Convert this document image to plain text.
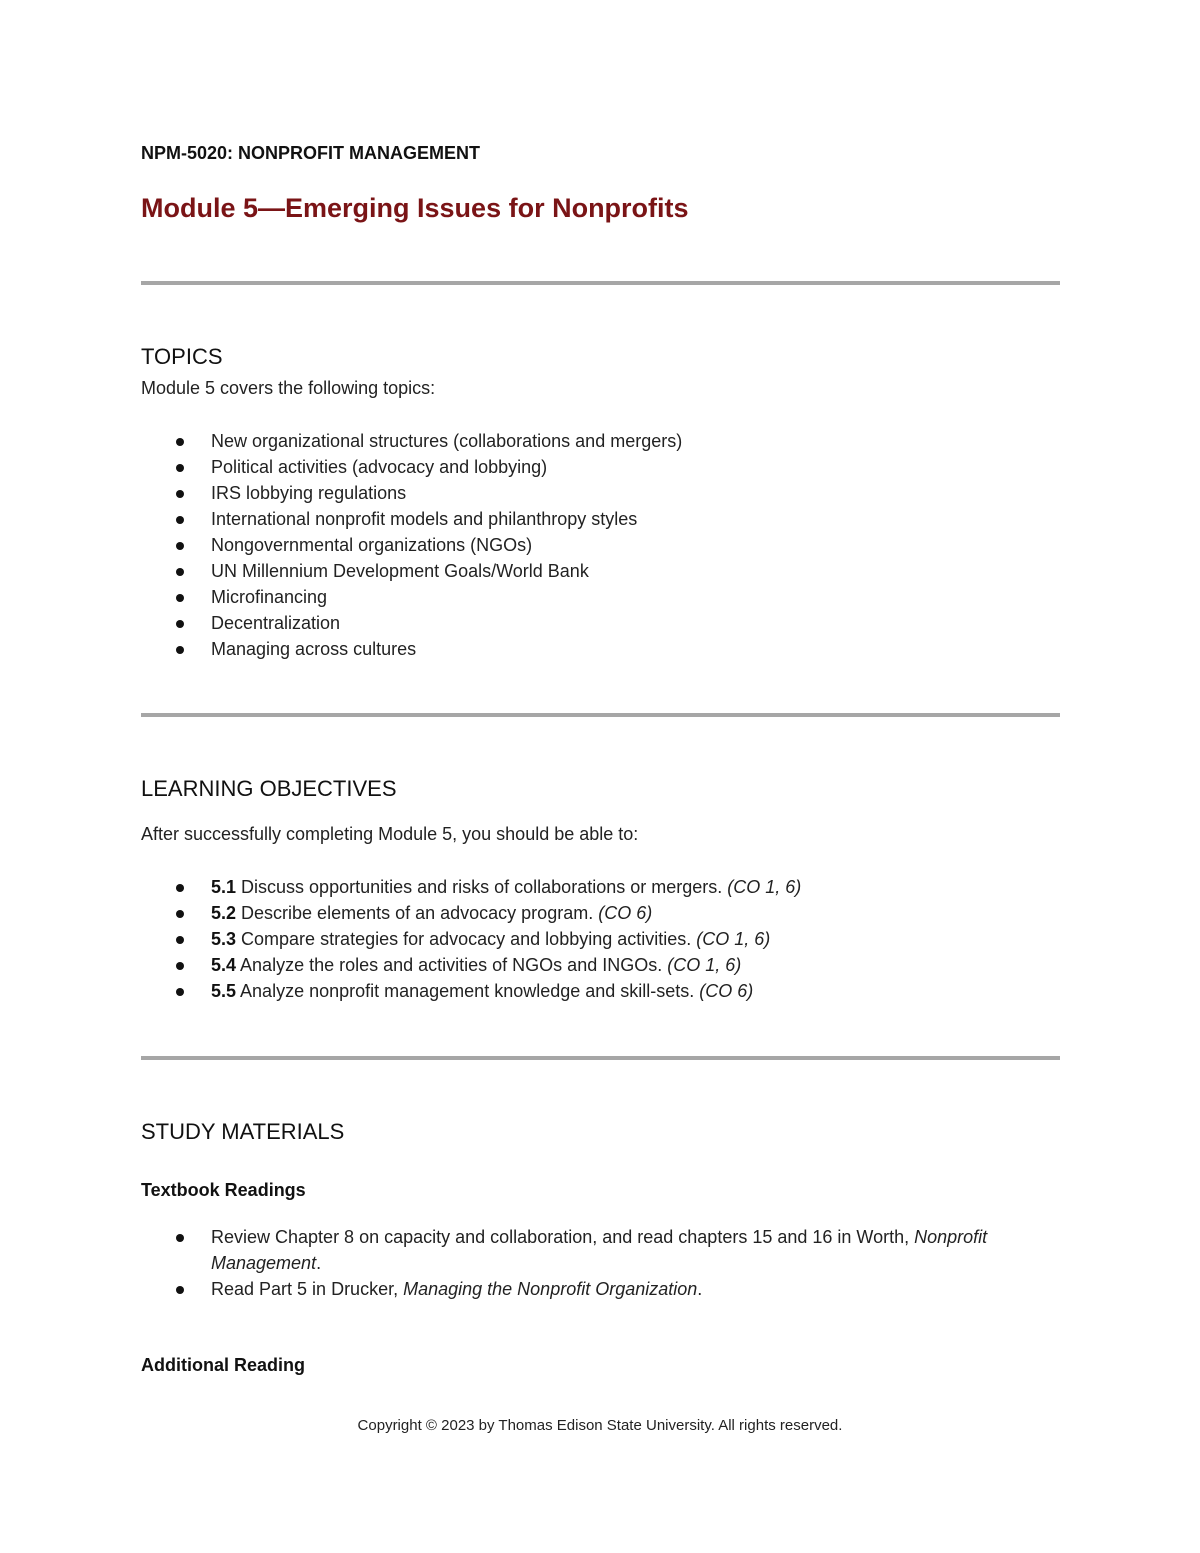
NPM-5020: NONPROFIT MANAGEMENT

Module 5—Emerging Issues for Nonprofits
TOPICS

Module 5 covers the following topics:

New organizational structures (collaborations and mergers)
Political activities (advocacy and lobbying)
IRS lobbying regulations
International nonprofit models and philanthropy styles
Nongovernmental organizations (NGOs)
UN Millennium Development Goals/World Bank
Microfinancing
Decentralization
Managing across cultures
LEARNING OBJECTIVES

After successfully completing Module 5, you should be able to:

5.1 Discuss opportunities and risks of collaborations or mergers. (CO 1, 6)
5.2 Describe elements of an advocacy program. (CO 6)
5.3 Compare strategies for advocacy and lobbying activities. (CO 1, 6)
5.4 Analyze the roles and activities of NGOs and INGOs. (CO 1, 6)
5.5 Analyze nonprofit management knowledge and skill-sets. (CO 6)
STUDY MATERIALS

Textbook Readings

Review Chapter 8 on capacity and collaboration, and read chapters 15 and 16 in Worth, Nonprofit Management.
Read Part 5 in Drucker, Managing the Nonprofit Organization.

Additional Reading

Copyright © 2023 by Thomas Edison State University. All rights reserved.
